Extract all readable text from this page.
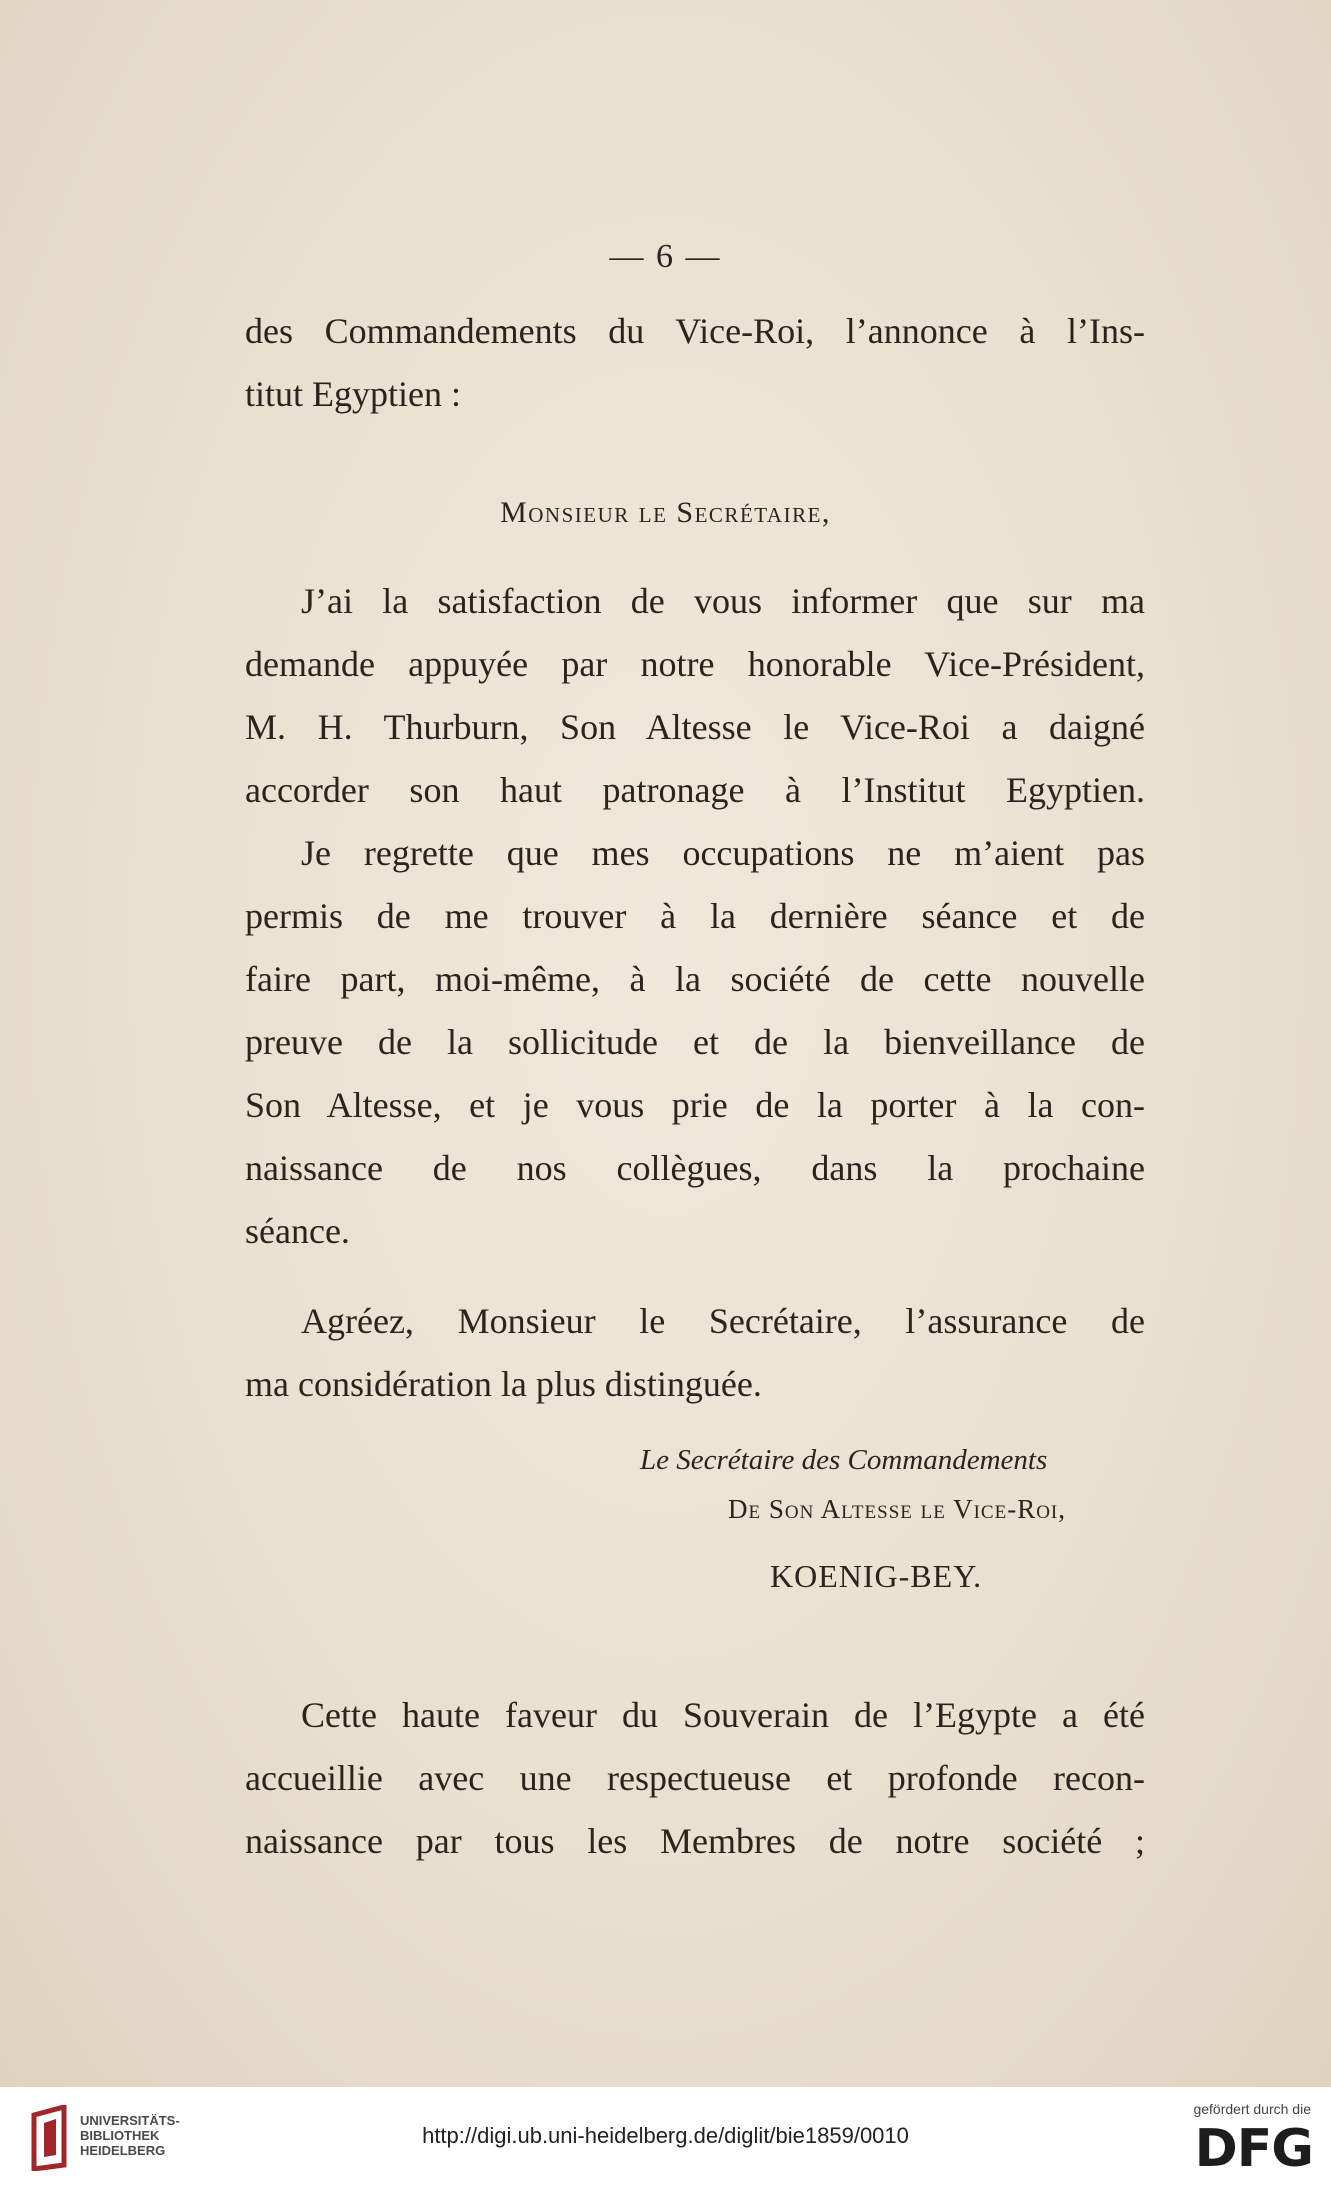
— 6 —
des Commandements du Vice-Roi, l’annonce à l’Ins-
titut Egyptien :
Monsieur le Secrétaire,
J’ai la satisfaction de vous informer que sur ma
demande appuyée par notre honorable Vice-Président,
M. H. Thurburn, Son Altesse le Vice-Roi a daigné
accorder son haut patronage à l’Institut Egyptien.
Je regrette que mes occupations ne m’aient pas
permis de me trouver à la dernière séance et de
faire part, moi-même, à la société de cette nouvelle
preuve de la sollicitude et de la bienveillance de
Son Altesse, et je vous prie de la porter à la con-
naissance de nos collègues, dans la prochaine
séance.
Agréez, Monsieur le Secrétaire, l’assurance de
ma considération la plus distinguée.
Le Secrétaire des Commandements
De Son Altesse le Vice-Roi,
KOENIG-BEY.
Cette haute faveur du Souverain de l’Egypte a été
accueillie avec une respectueuse et profonde recon-
naissance par tous les Membres de notre société ;
UNIVERSITÄTS-
BIBLIOTHEK
HEIDELBERG
http://digi.ub.uni-heidelberg.de/diglit/bie1859/0010
gefördert durch die
DFG
